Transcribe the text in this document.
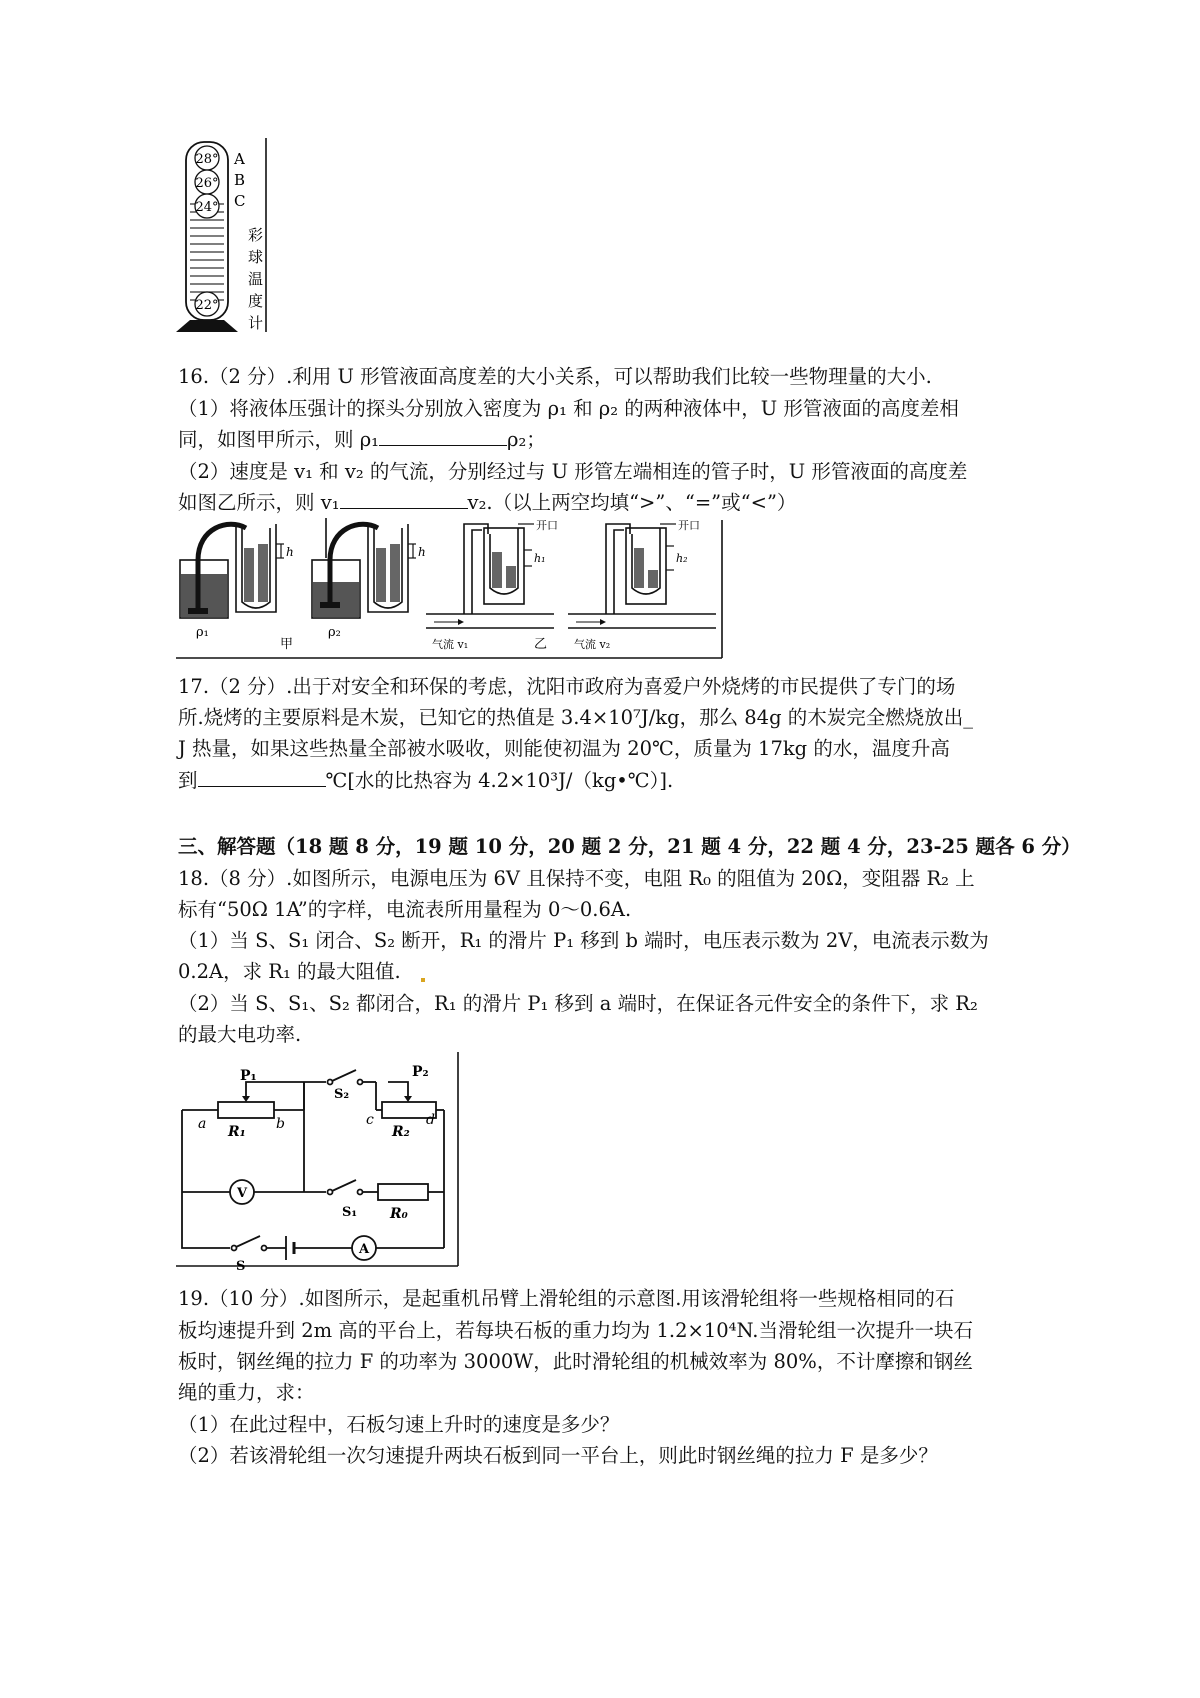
28°
26°
24°
22°
A
B
C
彩
球
温
度
计
16.（2 分）.利用 U 形管液面高度差的大小关系，可以帮助我们比较一些物理量的大小.
（1）将液体压强计的探头分别放入密度为 ρ₁ 和 ρ₂ 的两种液体中，U 形管液面的高度差相
同，如图甲所示，则 ρ₁	ρ₂；
（2）速度是 v₁ 和 v₂ 的气流，分别经过与 U 形管左端相连的管子时，U 形管液面的高度差
如图乙所示，则 v₁	v₂.（以上两空均填“>”、“=”或“<”）
h
ρ₁
h
ρ₂
甲
开口
h₁
气流 v₁
开口
h₂
气流 v₂
乙
17.（2 分）.出于对安全和环保的考虑，沈阳市政府为喜爱户外烧烤的市民提供了专门的场
所.烧烤的主要原料是木炭，已知它的热值是 3.4×10⁷J/kg，那么 84g 的木炭完全燃烧放出_
J 热量，如果这些热量全部被水吸收，则能使初温为 20℃，质量为 17kg 的水，温度升高
到	℃[水的比热容为 4.2×10³J/（kg•℃）].
三、解答题（18 题 8 分，19 题 10 分，20 题 2 分，21 题 4 分，22 题 4 分，23-25 题各 6 分）
18.（8 分）.如图所示，电源电压为 6V 且保持不变，电阻 R₀ 的阻值为 20Ω，变阻器 R₂ 上
标有“50Ω 1A”的字样，电流表所用量程为 0～0.6A.
（1）当 S、S₁ 闭合、S₂ 断开，R₁ 的滑片 P₁ 移到 b 端时，电压表示数为 2V，电流表示数为
0.2A，求 R₁ 的最大阻值.
（2）当 S、S₁、S₂ 都闭合，R₁ 的滑片 P₁ 移到 a 端时，在保证各元件安全的条件下，求 R₂
的最大电功率.
P₁	P₂
S₂
a R₁ b	c
R₂
d
V
S₁ R₀
S
A
19.（10 分）.如图所示，是起重机吊臂上滑轮组的示意图.用该滑轮组将一些规格相同的石
板均速提升到 2m 高的平台上，若每块石板的重力均为 1.2×10⁴N.当滑轮组一次提升一块石
板时，钢丝绳的拉力 F 的功率为 3000W，此时滑轮组的机械效率为 80%，不计摩擦和钢丝
绳的重力，求：
（1）在此过程中，石板匀速上升时的速度是多少？
（2）若该滑轮组一次匀速提升两块石板到同一平台上，则此时钢丝绳的拉力 F 是多少？
